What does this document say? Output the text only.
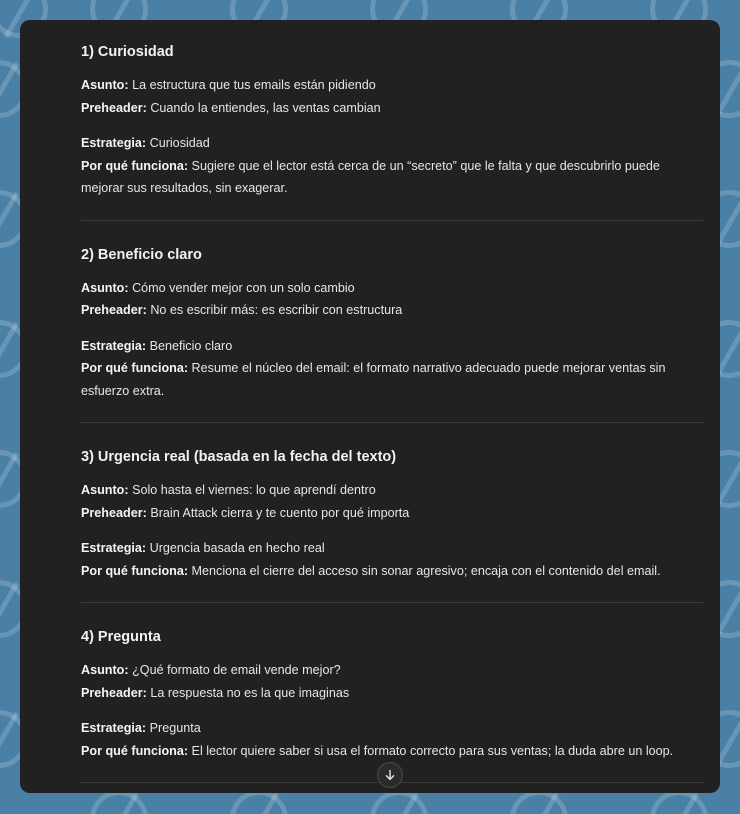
1) Curiosidad
Asunto: La estructura que tus emails están pidiendo
Preheader: Cuando la entiendes, las ventas cambian
Estrategia: Curiosidad
Por qué funciona: Sugiere que el lector está cerca de un “secreto” que le falta y que descubrirlo puede mejorar sus resultados, sin exagerar.
2) Beneficio claro
Asunto: Cómo vender mejor con un solo cambio
Preheader: No es escribir más: es escribir con estructura
Estrategia: Beneficio claro
Por qué funciona: Resume el núcleo del email: el formato narrativo adecuado puede mejorar ventas sin esfuerzo extra.
3) Urgencia real (basada en la fecha del texto)
Asunto: Solo hasta el viernes: lo que aprendí dentro
Preheader: Brain Attack cierra y te cuento por qué importa
Estrategia: Urgencia basada en hecho real
Por qué funciona: Menciona el cierre del acceso sin sonar agresivo; encaja con el contenido del email.
4) Pregunta
Asunto: ¿Qué formato de email vende mejor?
Preheader: La respuesta no es la que imaginas
Estrategia: Pregunta
Por qué funciona: El lector quiere saber si usa el formato correcto para sus ventas; la duda abre un loop.
